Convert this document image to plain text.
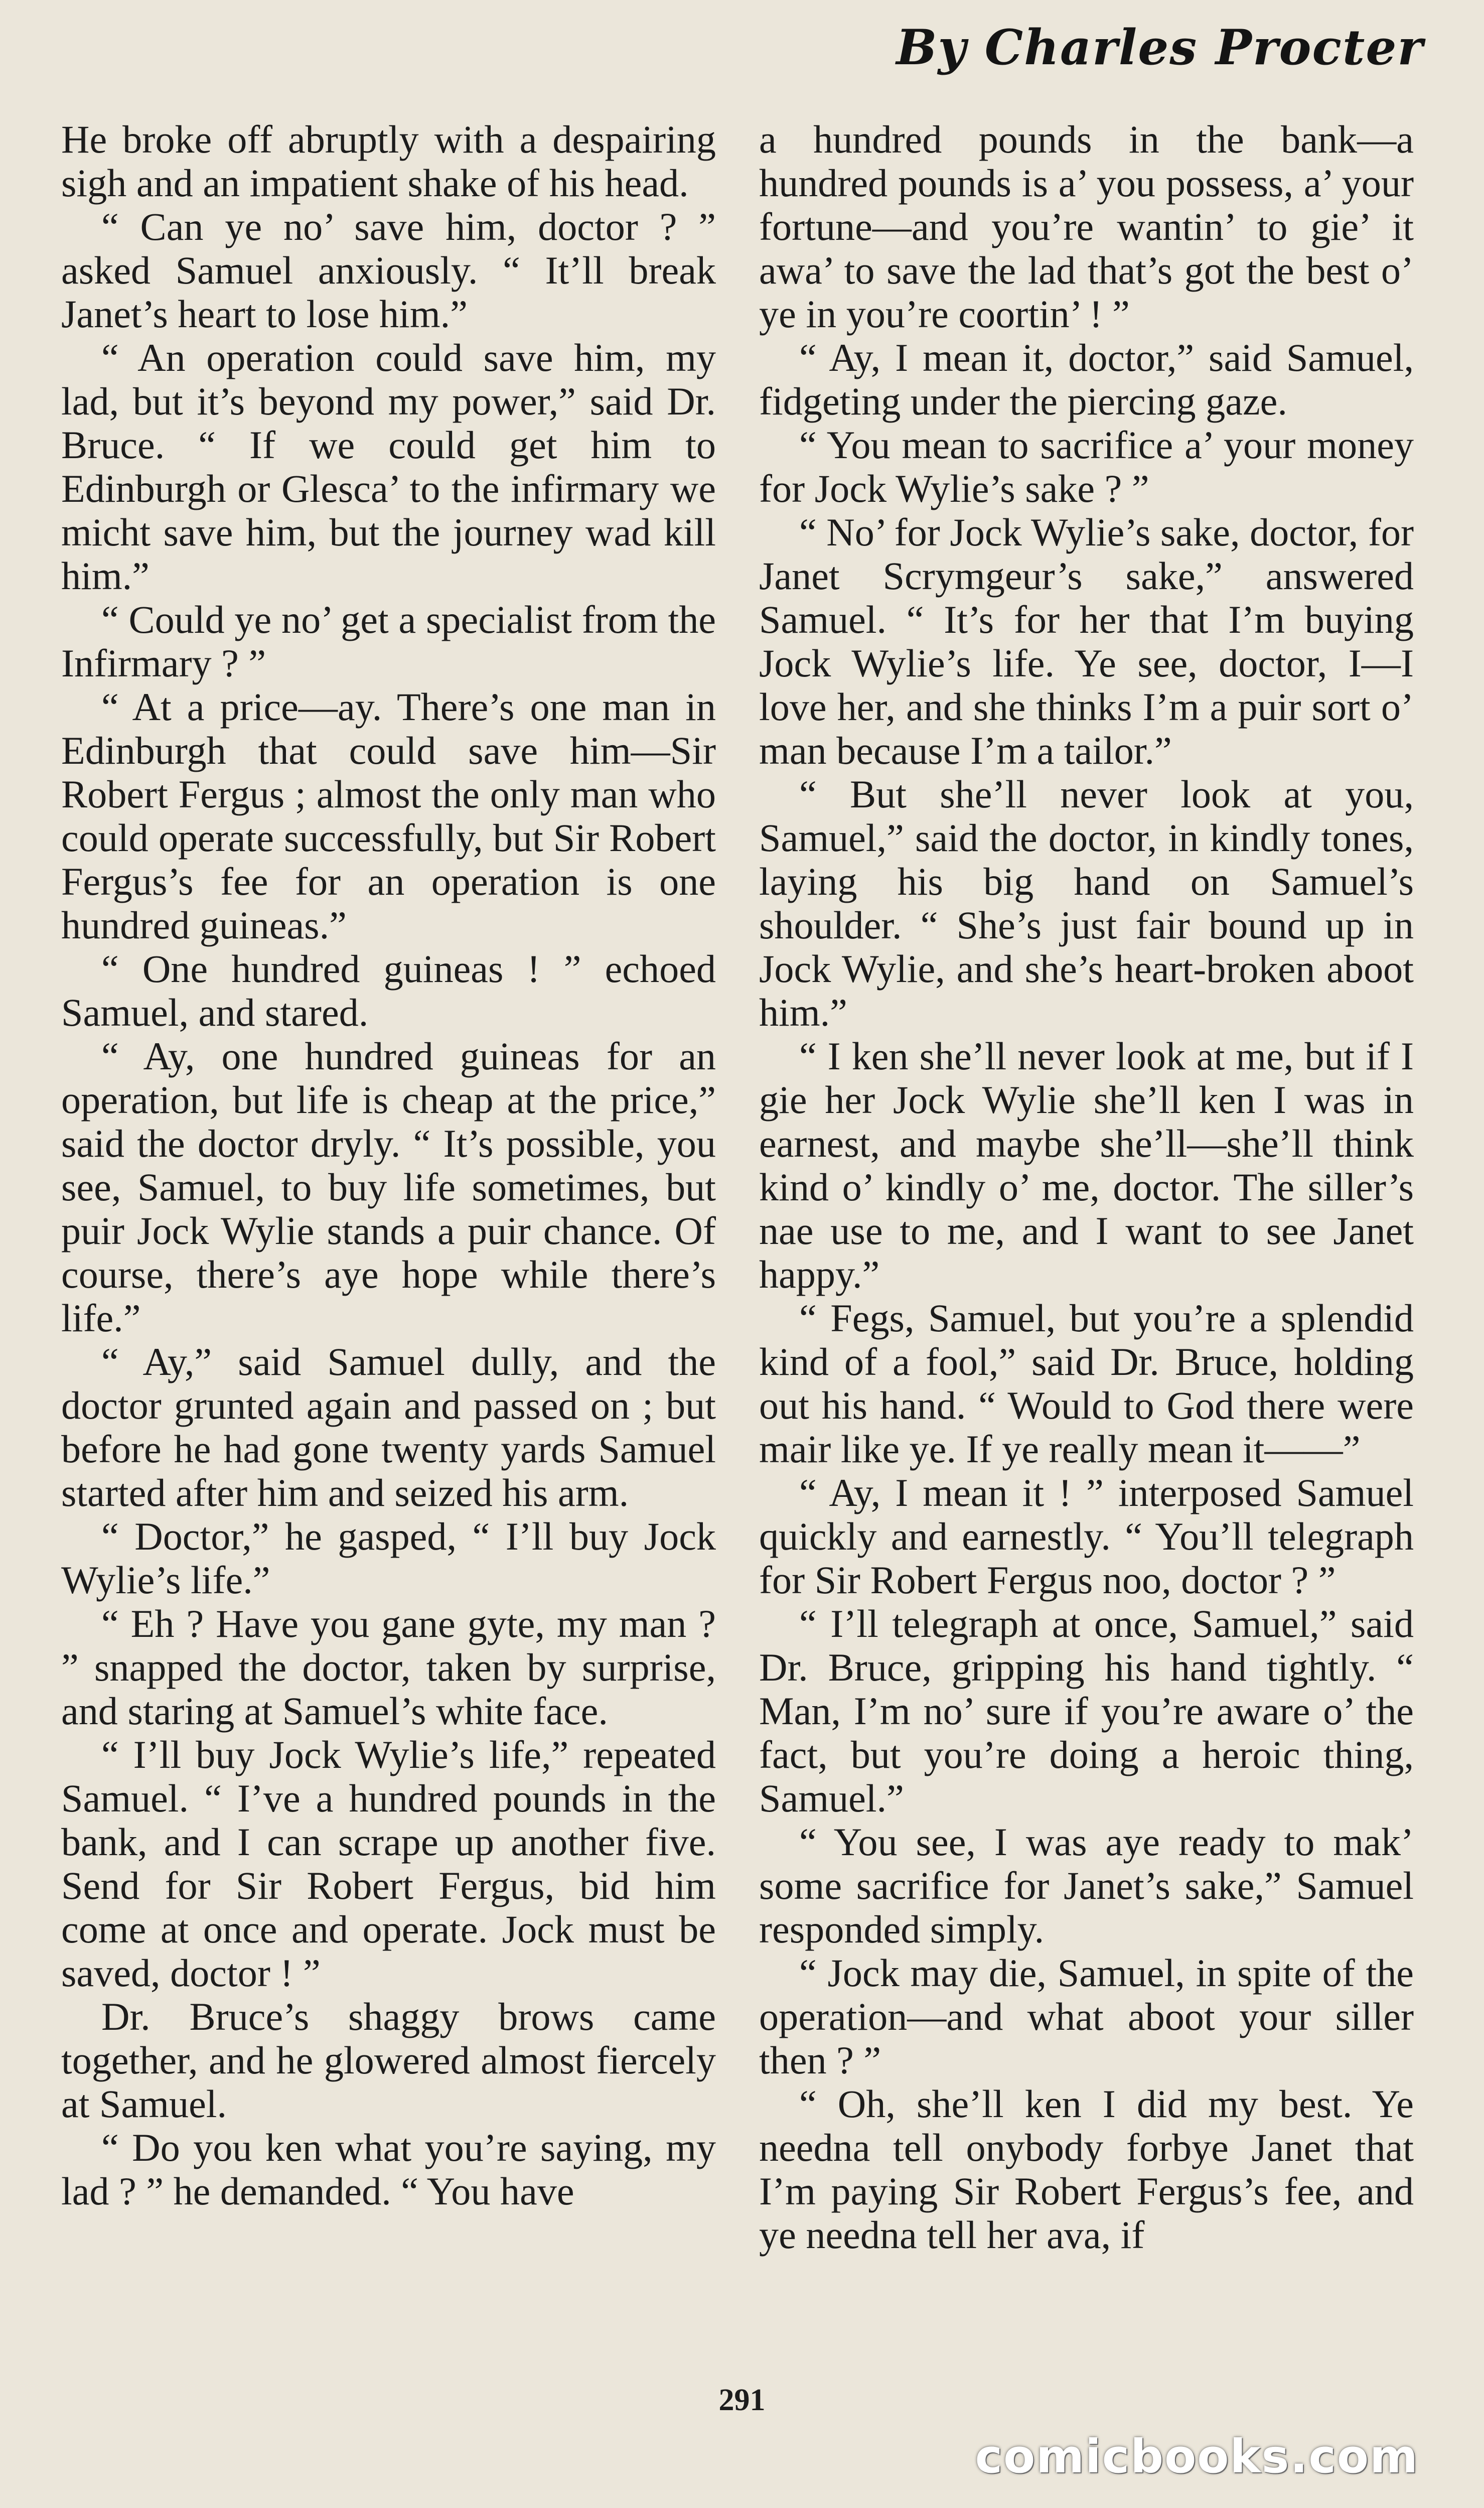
By Charles Procter

He broke off abruptly with a despairing sigh and an impatient shake of his head.

“ Can ye no’ save him, doctor ? ” asked Samuel anxiously. “ It’ll break Janet’s heart to lose him.”

“ An operation could save him, my lad, but it’s beyond my power,” said Dr. Bruce. “ If we could get him to Edinburgh or Glesca’ to the infirmary we micht save him, but the journey wad kill him.”

“ Could ye no’ get a specialist from the Infirmary ? ”

“ At a price—ay. There’s one man in Edinburgh that could save him—Sir Robert Fergus ; almost the only man who could operate successfully, but Sir Robert Fergus’s fee for an operation is one hundred guineas.”

“ One hundred guineas ! ” echoed Samuel, and stared.

“ Ay, one hundred guineas for an operation, but life is cheap at the price,” said the doctor dryly. “ It’s possible, you see, Samuel, to buy life sometimes, but puir Jock Wylie stands a puir chance. Of course, there’s aye hope while there’s life.”

“ Ay,” said Samuel dully, and the doctor grunted again and passed on ; but before he had gone twenty yards Samuel started after him and seized his arm.

“ Doctor,” he gasped, “ I’ll buy Jock Wylie’s life.”

“ Eh ? Have you gane gyte, my man ? ” snapped the doctor, taken by surprise, and staring at Samuel’s white face.

“ I’ll buy Jock Wylie’s life,” repeated Samuel. “ I’ve a hundred pounds in the bank, and I can scrape up another five. Send for Sir Robert Fergus, bid him come at once and operate. Jock must be saved, doctor ! ”

Dr. Bruce’s shaggy brows came together, and he glowered almost fiercely at Samuel.

“ Do you ken what you’re saying, my lad ? ” he demanded. “ You have

a hundred pounds in the bank—a hundred pounds is a’ you possess, a’ your fortune—and you’re wantin’ to gie’ it awa’ to save the lad that’s got the best o’ ye in you’re coortin’ ! ”

“ Ay, I mean it, doctor,” said Samuel, fidgeting under the piercing gaze.

“ You mean to sacrifice a’ your money for Jock Wylie’s sake ? ”

“ No’ for Jock Wylie’s sake, doctor, for Janet Scrymgeur’s sake,” answered Samuel. “ It’s for her that I’m buying Jock Wylie’s life. Ye see, doctor, I—I love her, and she thinks I’m a puir sort o’ man because I’m a tailor.”

“ But she’ll never look at you, Samuel,” said the doctor, in kindly tones, laying his big hand on Samuel’s shoulder. “ She’s just fair bound up in Jock Wylie, and she’s heart-broken aboot him.”

“ I ken she’ll never look at me, but if I gie her Jock Wylie she’ll ken I was in earnest, and maybe she’ll—she’ll think kind o’ kindly o’ me, doctor. The siller’s nae use to me, and I want to see Janet happy.”

“ Fegs, Samuel, but you’re a splendid kind of a fool,” said Dr. Bruce, holding out his hand. “ Would to God there were mair like ye. If ye really mean it——”

“ Ay, I mean it ! ” interposed Samuel quickly and earnestly. “ You’ll telegraph for Sir Robert Fergus noo, doctor ? ”

“ I’ll telegraph at once, Samuel,” said Dr. Bruce, gripping his hand tightly. “ Man, I’m no’ sure if you’re aware o’ the fact, but you’re doing a heroic thing, Samuel.”

“ You see, I was aye ready to mak’ some sacrifice for Janet’s sake,” Samuel responded simply.

“ Jock may die, Samuel, in spite of the operation—and what aboot your siller then ? ”

“ Oh, she’ll ken I did my best. Ye needna tell onybody forbye Janet that I’m paying Sir Robert Fergus’s fee, and ye needna tell her ava, if

291
comicbooks.com
